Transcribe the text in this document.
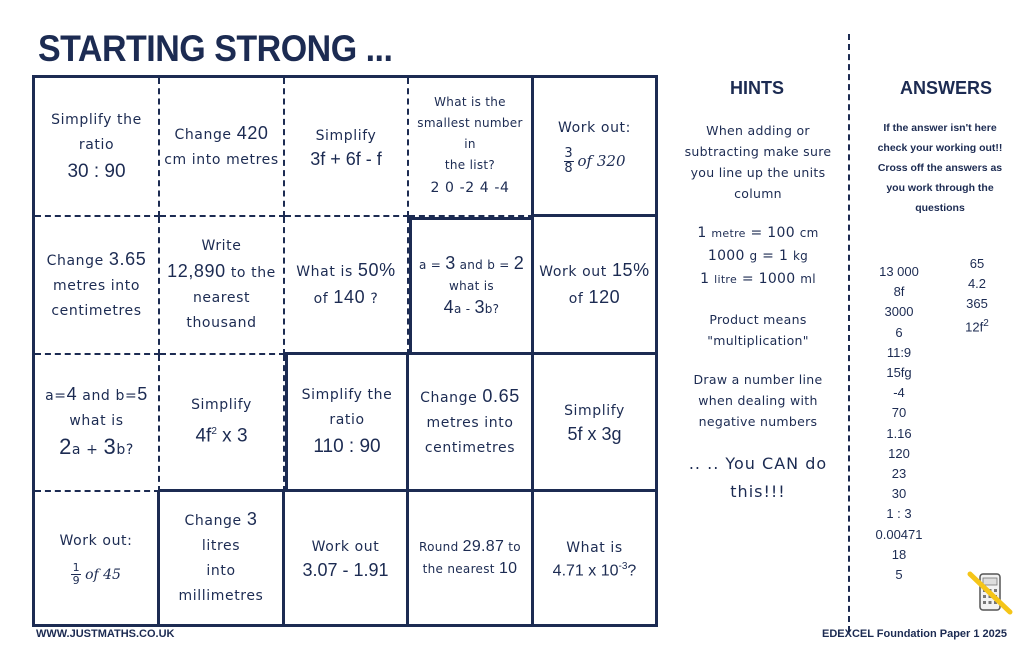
STARTING STRONG ...
Simplify the
ratio
30 : 90
Change 420
cm into metres
Simplify
3f + 6f - f
What is the
smallest number in
the list?
2 0 -2 4 -4
Work out:
$\frac{3}{8}$ of 320
Change 3.65
metres into
centimetres
Write
12,890 to the
nearest
thousand
What is 50%
of 140 ?
a = 3 and b = 2
what is
4a - 3b?
Work out 15%
of 120
a=4 and b=5
what is
2a + 3b?
Simplify
$4f^2$ x 3
Simplify the
ratio
110 : 90
Change 0.65
metres into
centimetres
Simplify
5f x 3g
Work out:
$\frac{1}{9}$ of 45
Change 3 litres
into millimetres
Work out
3.07 - 1.91
Round 29.87 to
the nearest 10
What is
4.71 x $10^{-3}$?
HINTS
When adding or
subtracting make sure
you line up the units
column
1 metre = 100 cm
1000 g = 1 kg
1 litre = 1000 ml
Product means
"multiplication"
Draw a number line
when dealing with
negative numbers
.. .. You CAN do
this!!!
ANSWERS
If the answer isn't here
check your working out!!
Cross off the answers as
you work through the
questions
13 000
8f
3000
6
11:9
15fg
-4
70
1.16
120
23
30
1 : 3
0.00471
18
5
65
4.2
365
$12f^2$
WWW.JUSTMATHS.CO.UK	EDEXCEL Foundation Paper 1 2025
